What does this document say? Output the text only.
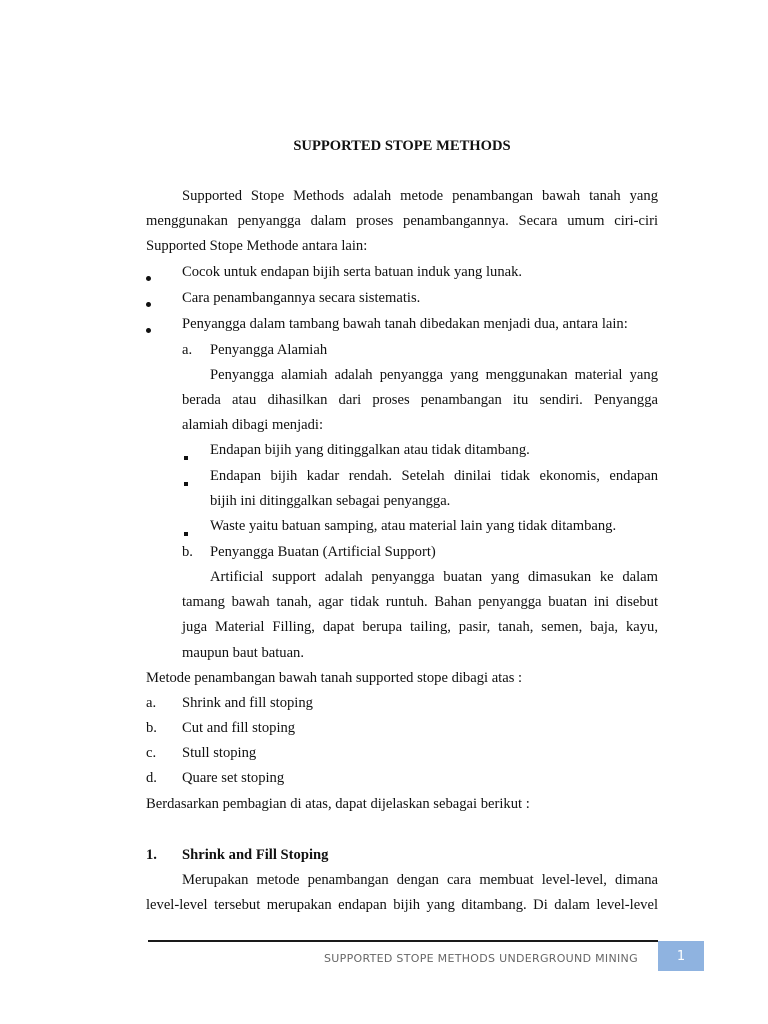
SUPPORTED STOPE METHODS
Supported Stope Methods adalah metode penambangan bawah tanah yang
menggunakan penyangga dalam proses penambangannya. Secara umum ciri-ciri
Supported Stope Methode antara lain:
Cocok untuk endapan bijih serta batuan induk yang lunak.
Cara penambangannya secara sistematis.
Penyangga dalam tambang bawah tanah dibedakan menjadi dua, antara lain:
a. Penyangga Alamiah
Penyangga alamiah adalah penyangga yang menggunakan material yang
berada atau dihasilkan dari proses penambangan itu sendiri. Penyangga
alamiah dibagi menjadi:
Endapan bijih yang ditinggalkan atau tidak ditambang.
Endapan bijih kadar rendah. Setelah dinilai tidak ekonomis, endapan
bijih ini ditinggalkan sebagai penyangga.
Waste yaitu batuan samping, atau material lain yang tidak ditambang.
b. Penyangga Buatan (Artificial Support)
Artificial support adalah penyangga buatan yang dimasukan ke dalam
tamang bawah tanah, agar tidak runtuh. Bahan penyangga buatan ini disebut
juga Material Filling, dapat berupa tailing, pasir, tanah, semen, baja, kayu,
maupun baut batuan.
Metode penambangan bawah tanah supported stope dibagi atas :
a. Shrink and fill stoping
b. Cut and fill stoping
c. Stull stoping
d. Quare set stoping
Berdasarkan pembagian di atas, dapat dijelaskan sebagai berikut :
1. Shrink and Fill Stoping
Merupakan metode penambangan dengan cara membuat level-level, dimana
level-level tersebut merupakan endapan bijih yang ditambang. Di dalam level-level
SUPPORTED STOPE METHODS UNDERGROUND MINING	1
